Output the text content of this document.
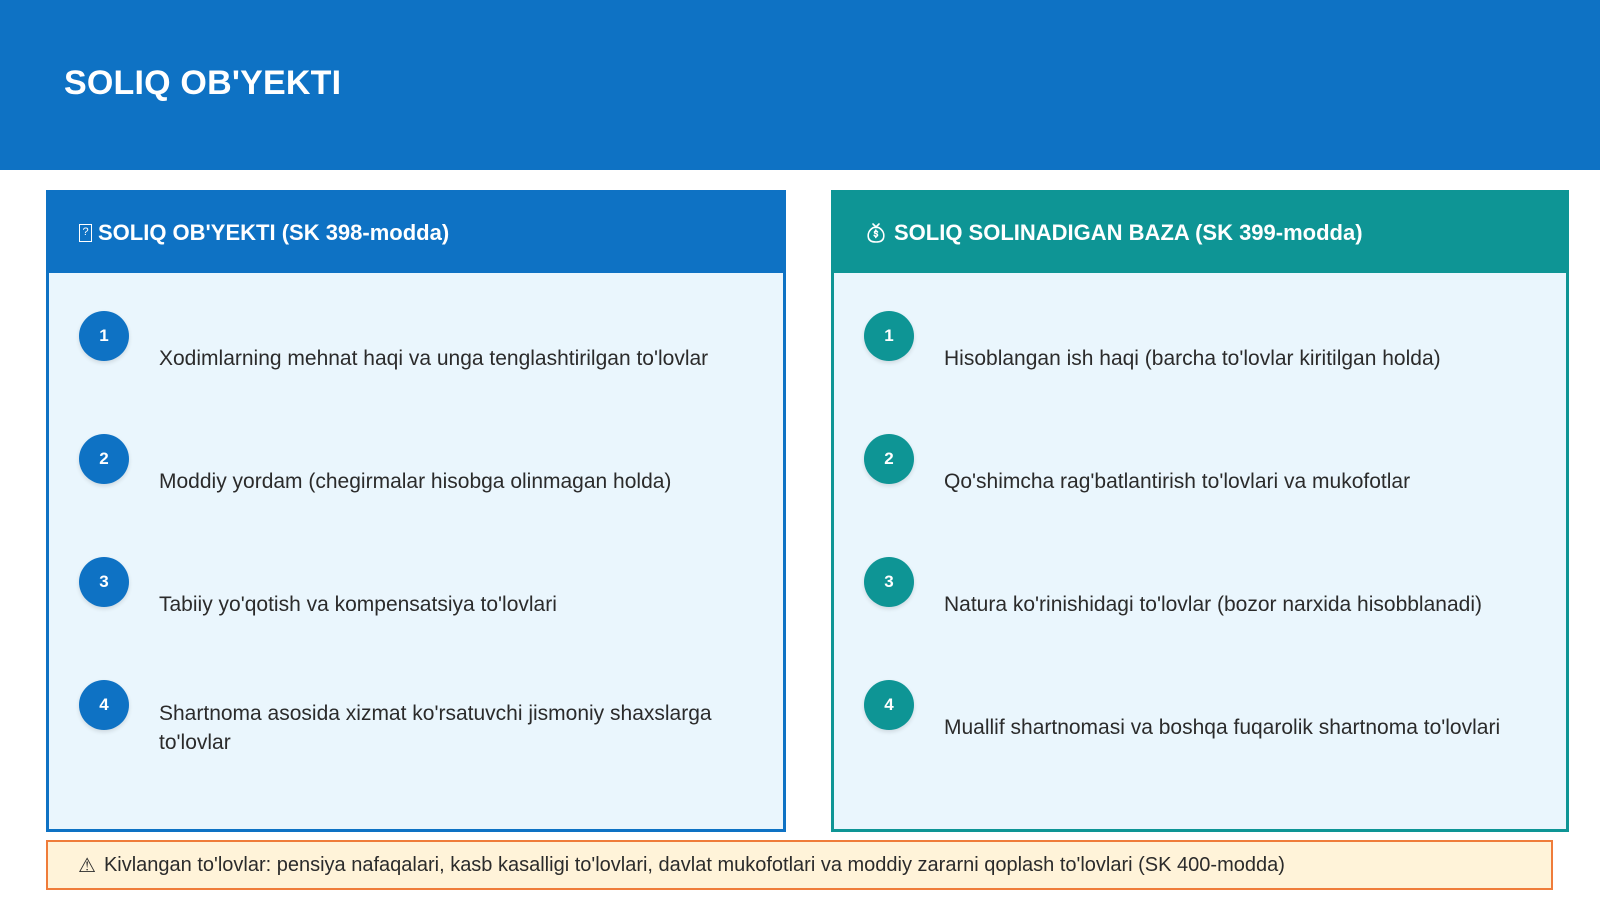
SOLIQ OB'YEKTI
? SOLIQ OB'YEKTI (SK 398-modda)
1
Xodimlarning mehnat haqi va unga tenglashtirilgan to'lovlar
2
Moddiy yordam (chegirmalar hisobga olinmagan holda)
3
Tabiiy yo'qotish va kompensatsiya to'lovlari
4	Shartnoma asosida xizmat ko'rsatuvchi jismoniy shaxslarga to'lovlar
SOLIQ SOLINADIGAN BAZA (SK 399-modda)
1
Hisoblangan ish haqi (barcha to'lovlar kiritilgan holda)
2
Qo'shimcha rag'batlantirish to'lovlari va mukofotlar
3
Natura ko'rinishidagi to'lovlar (bozor narxida hisobblanadi)
4
Muallif shartnomasi va boshqa fuqarolik shartnoma to'lovlari
⚠ Kivlangan to'lovlar: pensiya nafaqalari, kasb kasalligi to'lovlari, davlat mukofotlari va moddiy zararni qoplash to'lovlari (SK 400-modda)
